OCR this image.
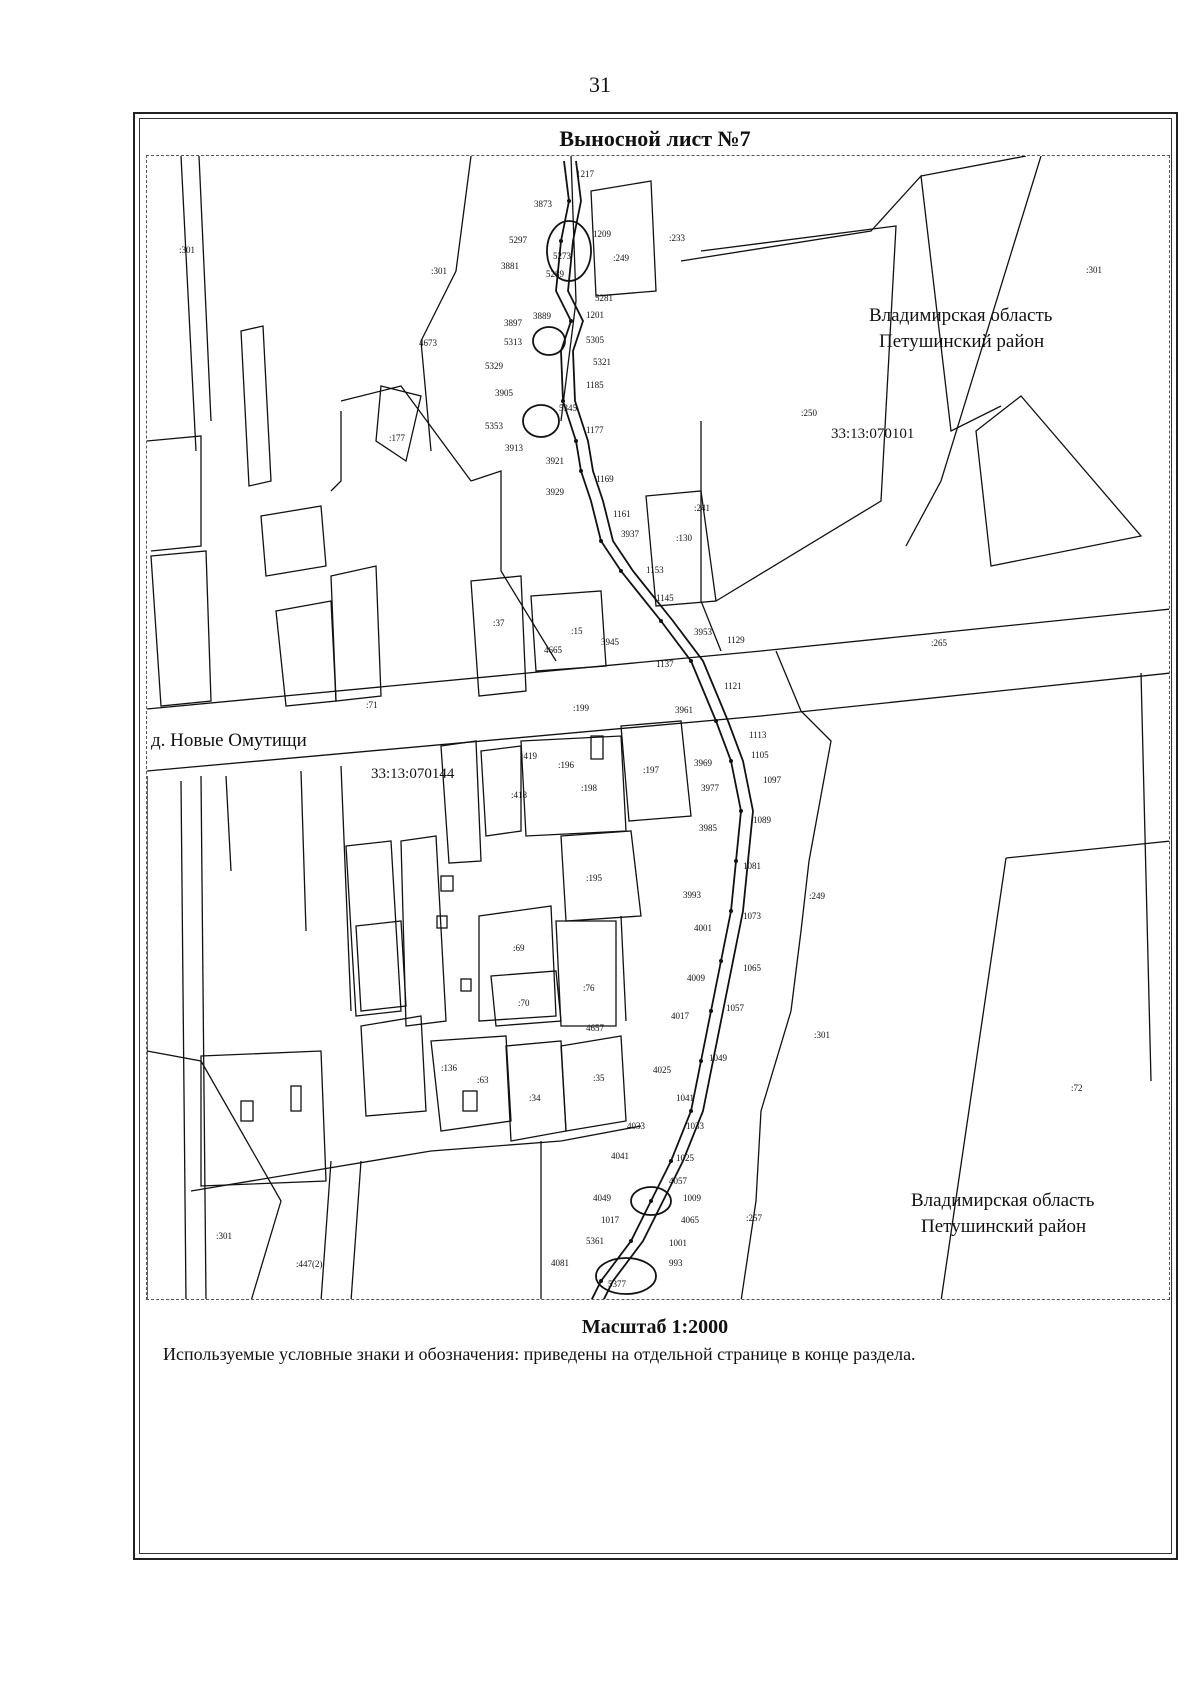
31
Выносной лист №7
Владимирская область
Петушинский район
Владимирская область
Петушинский район
д. Новые Омутищи
33:13:070101
33:13:070144
:301
:301	:301
:249
:233
:177
:250
:130
:241
:37
:15
:265
:71	:199
:419
:196	:197
:418
:198
:195
:249
:69
:70
:76
:301
:136
:63
:34
:35
:72
:257
:301
:447(2)
1217
3873
5297
1209
5273
3881
5289
5281
3889	1201
3897
5313	5305
5321
5329
1185
3905
5345
5353	1177
3913
3921
1169
3929
1161
3937
1153
1145
3953
1129
3945
1137
4665
4673
1121
3961
1113
1105
3969
3977
1097
1089
3985
1081
3993
1073
4001
1065
4009
1057
4017
4657
1049
4025
1041
1033
4033
4041	1025
4057
4049	1009
1017	4065
5361	1001
993
4081
5377
Масштаб 1:2000
Используемые условные знаки и обозначения: приведены на отдельной странице в конце раздела.
